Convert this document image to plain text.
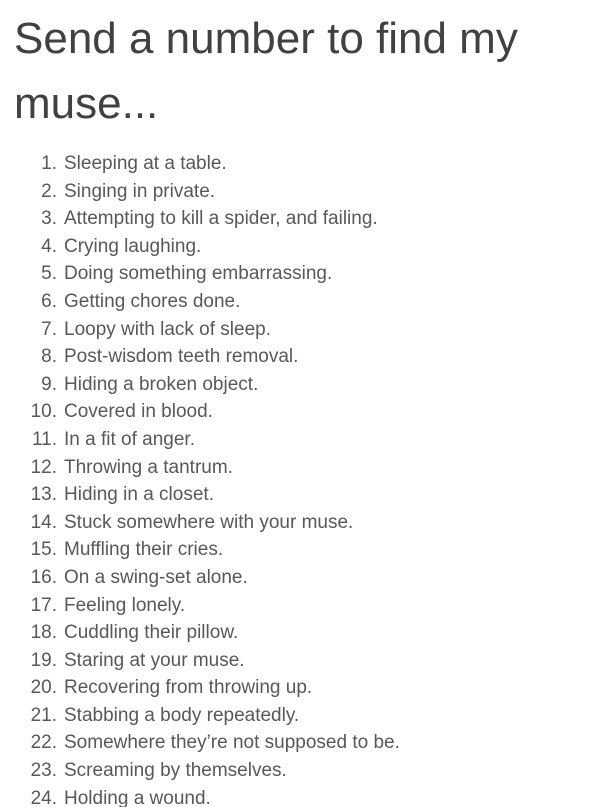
Send a number to find my muse...
1. Sleeping at a table.
2. Singing in private.
3. Attempting to kill a spider, and failing.
4. Crying laughing.
5. Doing something embarrassing.
6. Getting chores done.
7. Loopy with lack of sleep.
8. Post-wisdom teeth removal.
9. Hiding a broken object.
10. Covered in blood.
11. In a fit of anger.
12. Throwing a tantrum.
13. Hiding in a closet.
14. Stuck somewhere with your muse.
15. Muffling their cries.
16. On a swing-set alone.
17. Feeling lonely.
18. Cuddling their pillow.
19. Staring at your muse.
20. Recovering from throwing up.
21. Stabbing a body repeatedly.
22. Somewhere they’re not supposed to be.
23. Screaming by themselves.
24. Holding a wound.
